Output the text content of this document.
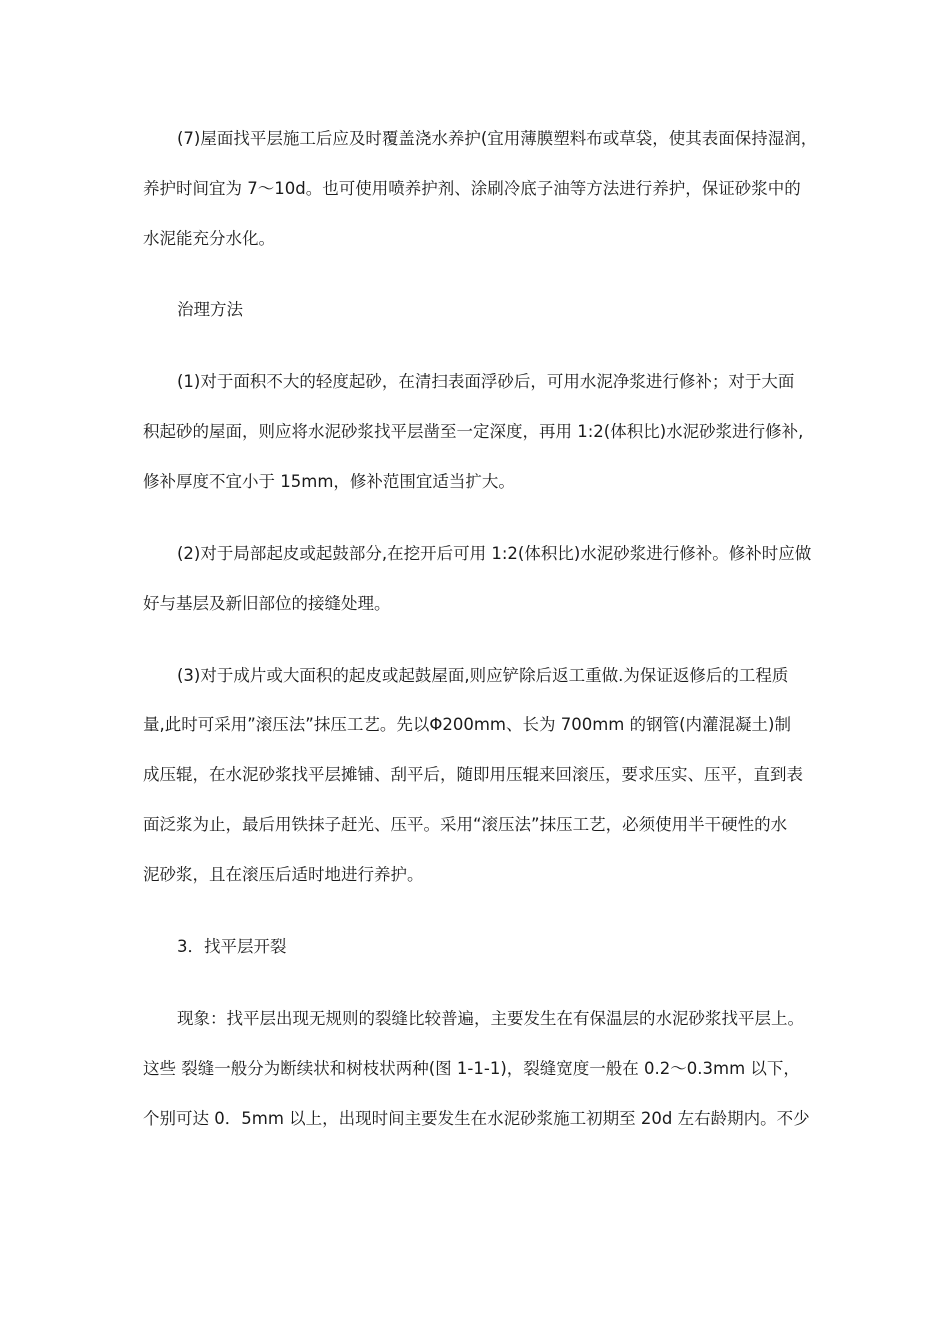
(7)屋面找平层施工后应及时覆盖浇水养护(宜用薄膜塑料布或草袋，使其表面保持湿润，
养护时间宜为 7～10d。也可使用喷养护剂、涂刷冷底子油等方法进行养护，保证砂浆中的
水泥能充分水化。
治理方法
(1)对于面积不大的轻度起砂，在清扫表面浮砂后，可用水泥净浆进行修补；对于大面
积起砂的屋面，则应将水泥砂浆找平层凿至一定深度，再用 1:2(体积比)水泥砂浆进行修补,
修补厚度不宜小于 15mm，修补范围宜适当扩大。
(2)对于局部起皮或起鼓部分,在挖开后可用 1:2(体积比)水泥砂浆进行修补。修补时应做
好与基层及新旧部位的接缝处理。
(3)对于成片或大面积的起皮或起鼓屋面,则应铲除后返工重做.为保证返修后的工程质
量,此时可采用”滚压法”抹压工艺。先以Φ200mm、长为 700mm 的钢管(内灌混凝土)制
成压辊，在水泥砂浆找平层摊铺、刮平后，随即用压辊来回滚压，要求压实、压平，直到表
面泛浆为止，最后用铁抹子赶光、压平。采用“滚压法”抹压工艺，必须使用半干硬性的水
泥砂浆，且在滚压后适时地进行养护。
3．找平层开裂
现象：找平层出现无规则的裂缝比较普遍，主要发生在有保温层的水泥砂浆找平层上。
这些 裂缝一般分为断续状和树枝状两种(图 1-1-1)，裂缝宽度一般在 0.2～0.3mm 以下，
个别可达 0．5mm 以上，出现时间主要发生在水泥砂浆施工初期至 20d 左右龄期内。不少
